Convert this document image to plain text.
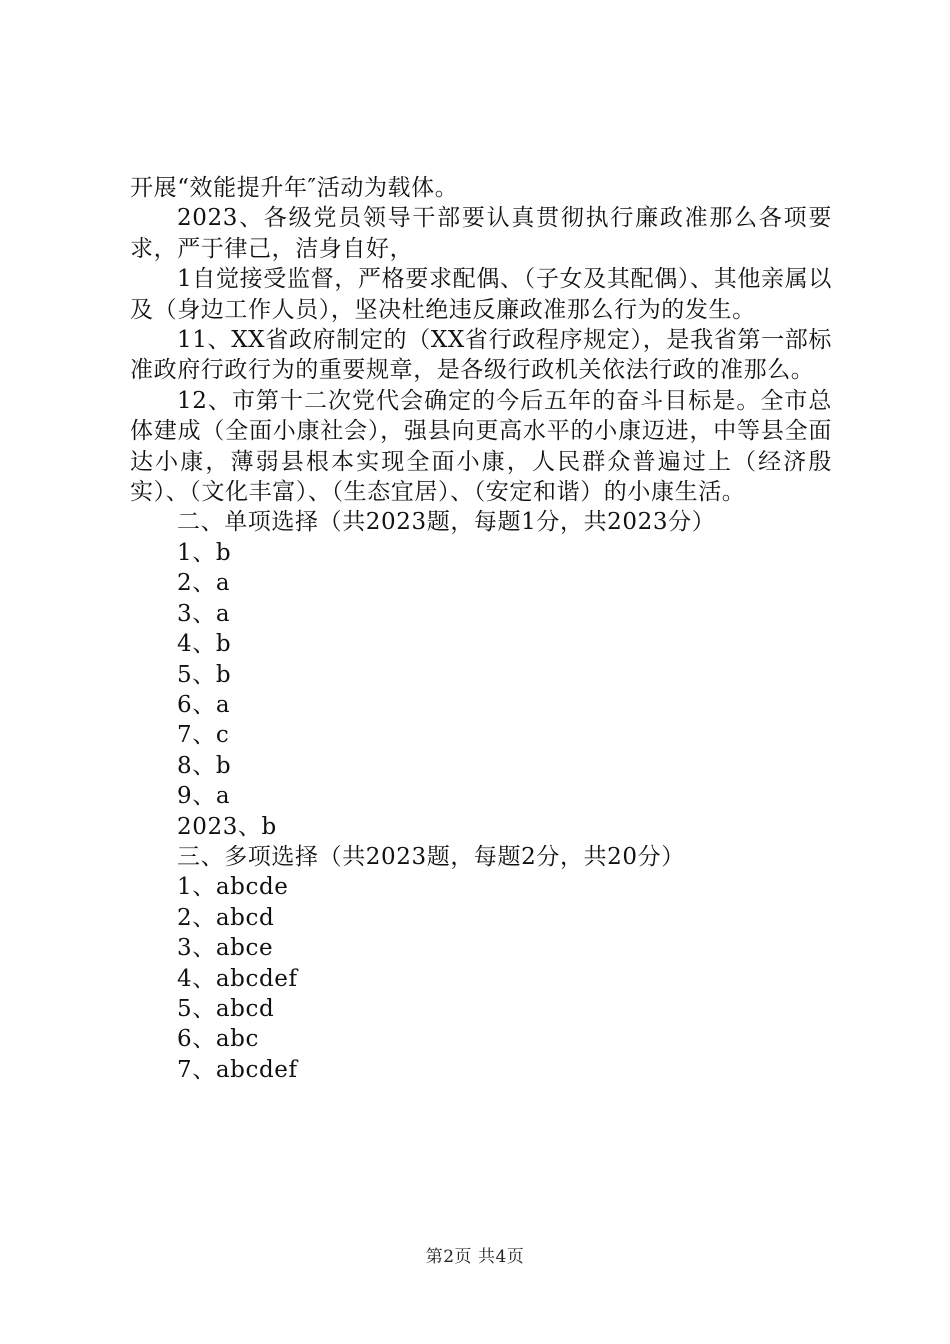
开展“效能提升年″活动为载体。

2023、各级党员领导干部要认真贯彻执行廉政准那么各项要求，严于律己，洁身自好，

1自觉接受监督，严格要求配偶、（子女及其配偶）、其他亲属以及（身边工作人员），坚决杜绝违反廉政准那么行为的发生。

11、XX省政府制定的（XX省行政程序规定），是我省第一部标准政府行政行为的重要规章，是各级行政机关依法行政的准那么。

12、市第十二次党代会确定的今后五年的奋斗目标是。全市总体建成（全面小康社会），强县向更高水平的小康迈进，中等县全面达小康，薄弱县根本实现全面小康，人民群众普遍过上（经济殷实）、（文化丰富）、（生态宜居）、（安定和谐）的小康生活。

二、单项选择（共2023题，每题1分，共2023分）

1、b

2、a

3、a

4、b

5、b

6、a

7、c

8、b

9、a

2023、b

三、多项选择（共2023题，每题2分，共20分）

1、abcde

2、abcd

3、abce

4、abcdef

5、abcd

6、abc

7、abcdef

第2页 共4页
